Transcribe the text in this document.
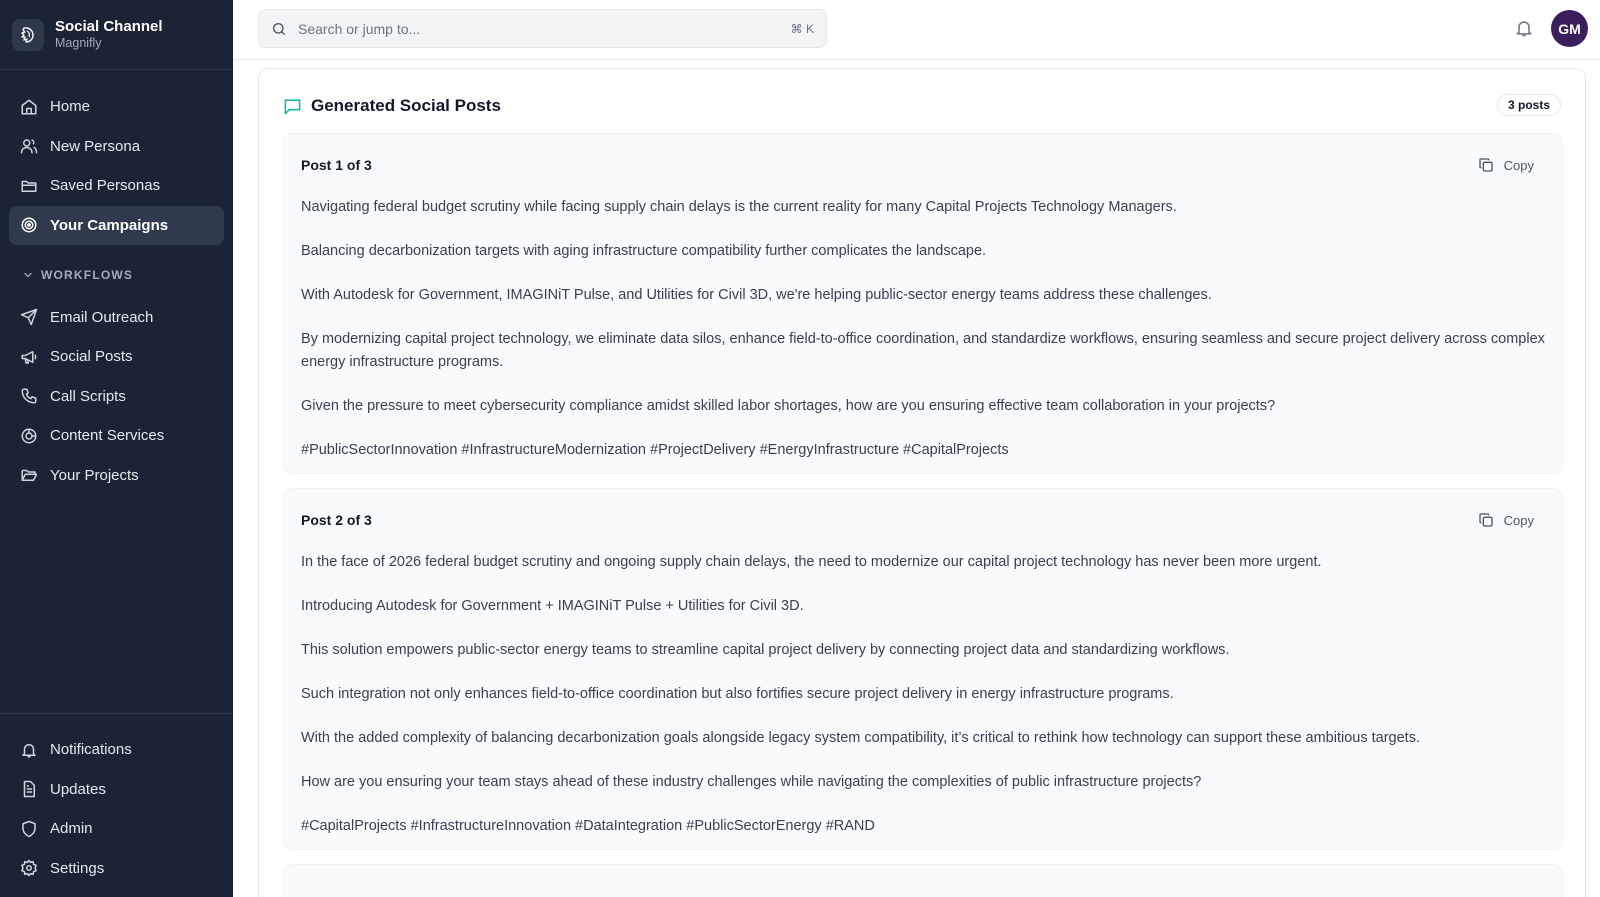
Social Channel
Magnifly
Home
New Persona
Saved Personas
Your Campaigns
WORKFLOWS
Email Outreach
Social Posts
Call Scripts
Content Services
Your Projects
Notifications
Updates
Admin
Settings
Search or jump to...
⌘ K	GM
Generated Social Posts	3 posts
Post 1 of 3	Copy

Navigating federal budget scrutiny while facing supply chain delays is the current reality for many Capital Projects Technology Managers.

Balancing decarbonization targets with aging infrastructure compatibility further complicates the landscape.

With Autodesk for Government, IMAGINiT Pulse, and Utilities for Civil 3D, we're helping public-sector energy teams address these challenges.

By modernizing capital project technology, we eliminate data silos, enhance field-to-office coordination, and standardize workflows, ensuring seamless and secure project delivery across complex energy infrastructure programs.

Given the pressure to meet cybersecurity compliance amidst skilled labor shortages, how are you ensuring effective team collaboration in your projects?

#PublicSectorInnovation #InfrastructureModernization #ProjectDelivery #EnergyInfrastructure #CapitalProjects

Post 2 of 3	Copy

In the face of 2026 federal budget scrutiny and ongoing supply chain delays, the need to modernize our capital project technology has never been more urgent.

Introducing Autodesk for Government + IMAGINiT Pulse + Utilities for Civil 3D.

This solution empowers public-sector energy teams to streamline capital project delivery by connecting project data and standardizing workflows.

Such integration not only enhances field-to-office coordination but also fortifies secure project delivery in energy infrastructure programs.

With the added complexity of balancing decarbonization goals alongside legacy system compatibility, it’s critical to rethink how technology can support these ambitious targets.

How are you ensuring your team stays ahead of these industry challenges while navigating the complexities of public infrastructure projects?

#CapitalProjects #InfrastructureInnovation #DataIntegration #PublicSectorEnergy #RAND
